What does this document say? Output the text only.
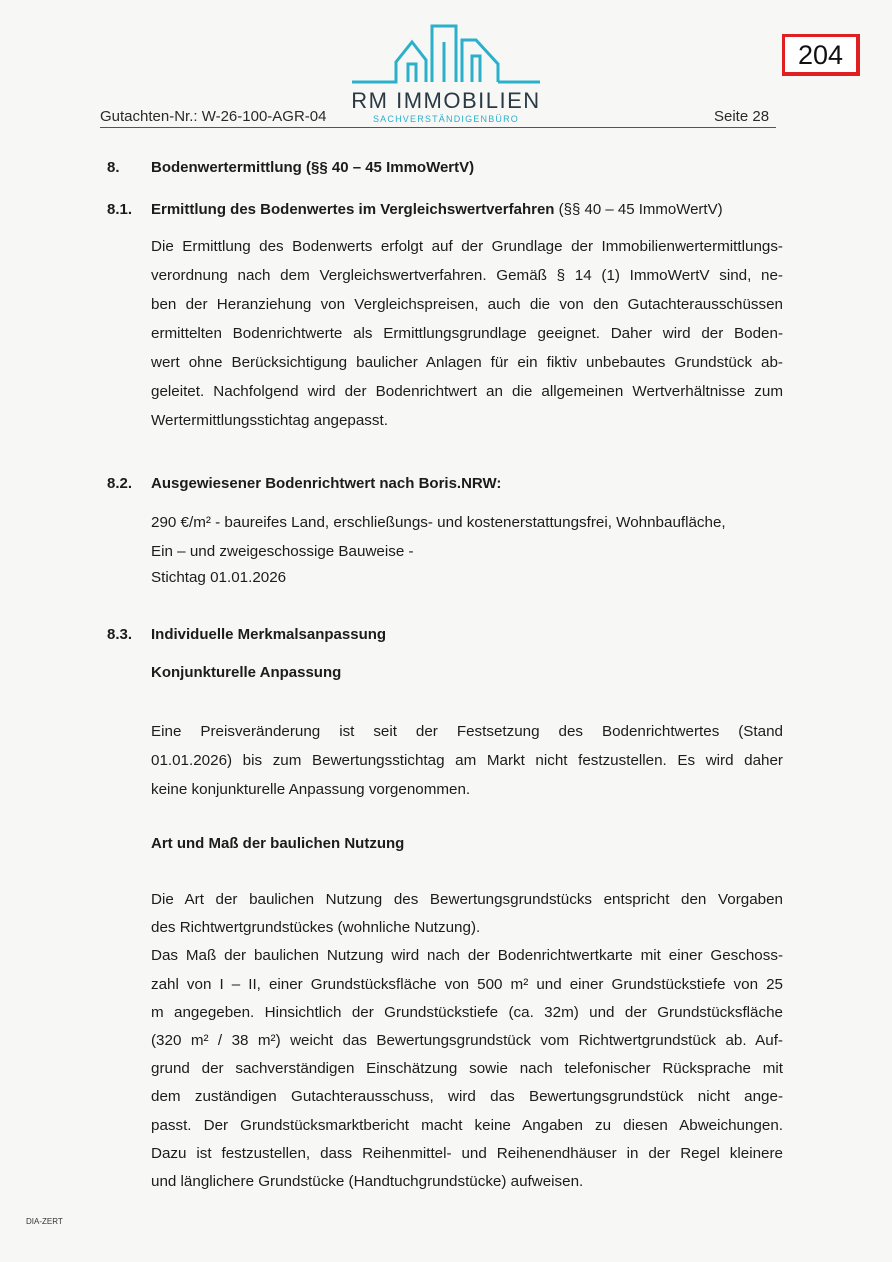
RM IMMOBILIEN
SACHVERSTÄNDIGENBÜRO
204
Gutachten-Nr.: W-26-100-AGR-04	Seite 28
8. Bodenwertermittlung (§§ 40 – 45 ImmoWertV)
8.1. Ermittlung des Bodenwertes im Vergleichswertverfahren (§§ 40 – 45 ImmoWertV)
Die Ermittlung des Bodenwerts erfolgt auf der Grundlage der Immobilienwertermittlungs-
verordnung nach dem Vergleichswertverfahren. Gemäß § 14 (1) ImmoWertV sind, ne-
ben der Heranziehung von Vergleichspreisen, auch die von den Gutachterausschüssen
ermittelten Bodenrichtwerte als Ermittlungsgrundlage geeignet. Daher wird der Boden-
wert ohne Berücksichtigung baulicher Anlagen für ein fiktiv unbebautes Grundstück ab-
geleitet. Nachfolgend wird der Bodenrichtwert an die allgemeinen Wertverhältnisse zum
Wertermittlungsstichtag angepasst.
8.2. Ausgewiesener Bodenrichtwert nach Boris.NRW:
290 €/m² - baureifes Land, erschließungs- und kostenerstattungsfrei, Wohnbaufläche,
Ein – und zweigeschossige Bauweise -
Stichtag 01.01.2026
8.3. Individuelle Merkmalsanpassung
Konjunkturelle Anpassung
Eine Preisveränderung ist seit der Festsetzung des Bodenrichtwertes (Stand
01.01.2026) bis zum Bewertungsstichtag am Markt nicht festzustellen. Es wird daher
keine konjunkturelle Anpassung vorgenommen.
Art und Maß der baulichen Nutzung
Die Art der baulichen Nutzung des Bewertungsgrundstücks entspricht den Vorgaben
des Richtwertgrundstückes (wohnliche Nutzung).
Das Maß der baulichen Nutzung wird nach der Bodenrichtwertkarte mit einer Geschoss-
zahl von I – II, einer Grundstücksfläche von 500 m² und einer Grundstückstiefe von 25
m angegeben. Hinsichtlich der Grundstückstiefe (ca. 32m) und der Grundstücksfläche
(320 m² / 38 m²) weicht das Bewertungsgrundstück vom Richtwertgrundstück ab. Auf-
grund der sachverständigen Einschätzung sowie nach telefonischer Rücksprache mit
dem zuständigen Gutachterausschuss, wird das Bewertungsgrundstück nicht ange-
passt. Der Grundstücksmarktbericht macht keine Angaben zu diesen Abweichungen.
Dazu ist festzustellen, dass Reihenmittel- und Reihenendhäuser in der Regel kleinere
und länglichere Grundstücke (Handtuchgrundstücke) aufweisen.
DIA-ZERT
